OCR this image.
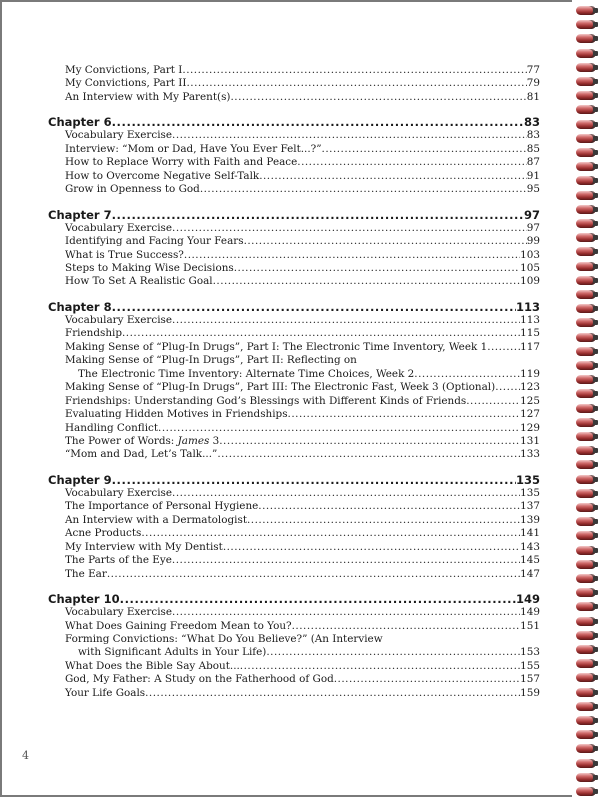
My Convictions, Part I .....	77
My Convictions, Part II .....	79
An Interview with My Parent(s) .....	81
Chapter 6 .....	83
Vocabulary Exercise .....	83
Interview: “Mom or Dad, Have You Ever Felt...?” .....	85
How to Replace Worry with Faith and Peace .....	87
How to Overcome Negative Self-Talk .....	91
Grow in Openness to God .....	95
Chapter 7 .....	97
Vocabulary Exercise .....	97
Identifying and Facing Your Fears .....	99
What is True Success? .....	103
Steps to Making Wise Decisions .....	105
How To Set A Realistic Goal .....	109
Chapter 8 .....	113
Vocabulary Exercise .....	113
Friendship .....	115
Making Sense of “Plug-In Drugs”, Part I: The Electronic Time Inventory, Week 1 .....	117
Making Sense of “Plug-In Drugs”, Part II: Reflecting on
The Electronic Time Inventory: Alternate Time Choices, Week 2 .....	119
Making Sense of “Plug-In Drugs”, Part III: The Electronic Fast, Week 3 (Optional) ..... 123
Friendships: Understanding God’s Blessings with Different Kinds of Friends .....	125
Evaluating Hidden Motives in Friendships .....	127
Handling Conflict .....	129
The Power of Words: James 3 .....	131
“Mom and Dad, Let’s Talk...” .....	133
Chapter 9 .....	135
Vocabulary Exercise .....	135
The Importance of Personal Hygiene .....	137
An Interview with a Dermatologist .....	139
Acne Products .....	141
My Interview with My Dentist .....	143
The Parts of the Eye .....	145
The Ear .....	147
Chapter 10 .....	149
Vocabulary Exercise .....	149
What Does Gaining Freedom Mean to You? .....	151
Forming Convictions: “What Do You Believe?” (An Interview
with Significant Adults in Your Life) .....	153
What Does the Bible Say About... .....	155
God, My Father: A Study on the Fatherhood of God .....	157
Your Life Goals .....	159
4
